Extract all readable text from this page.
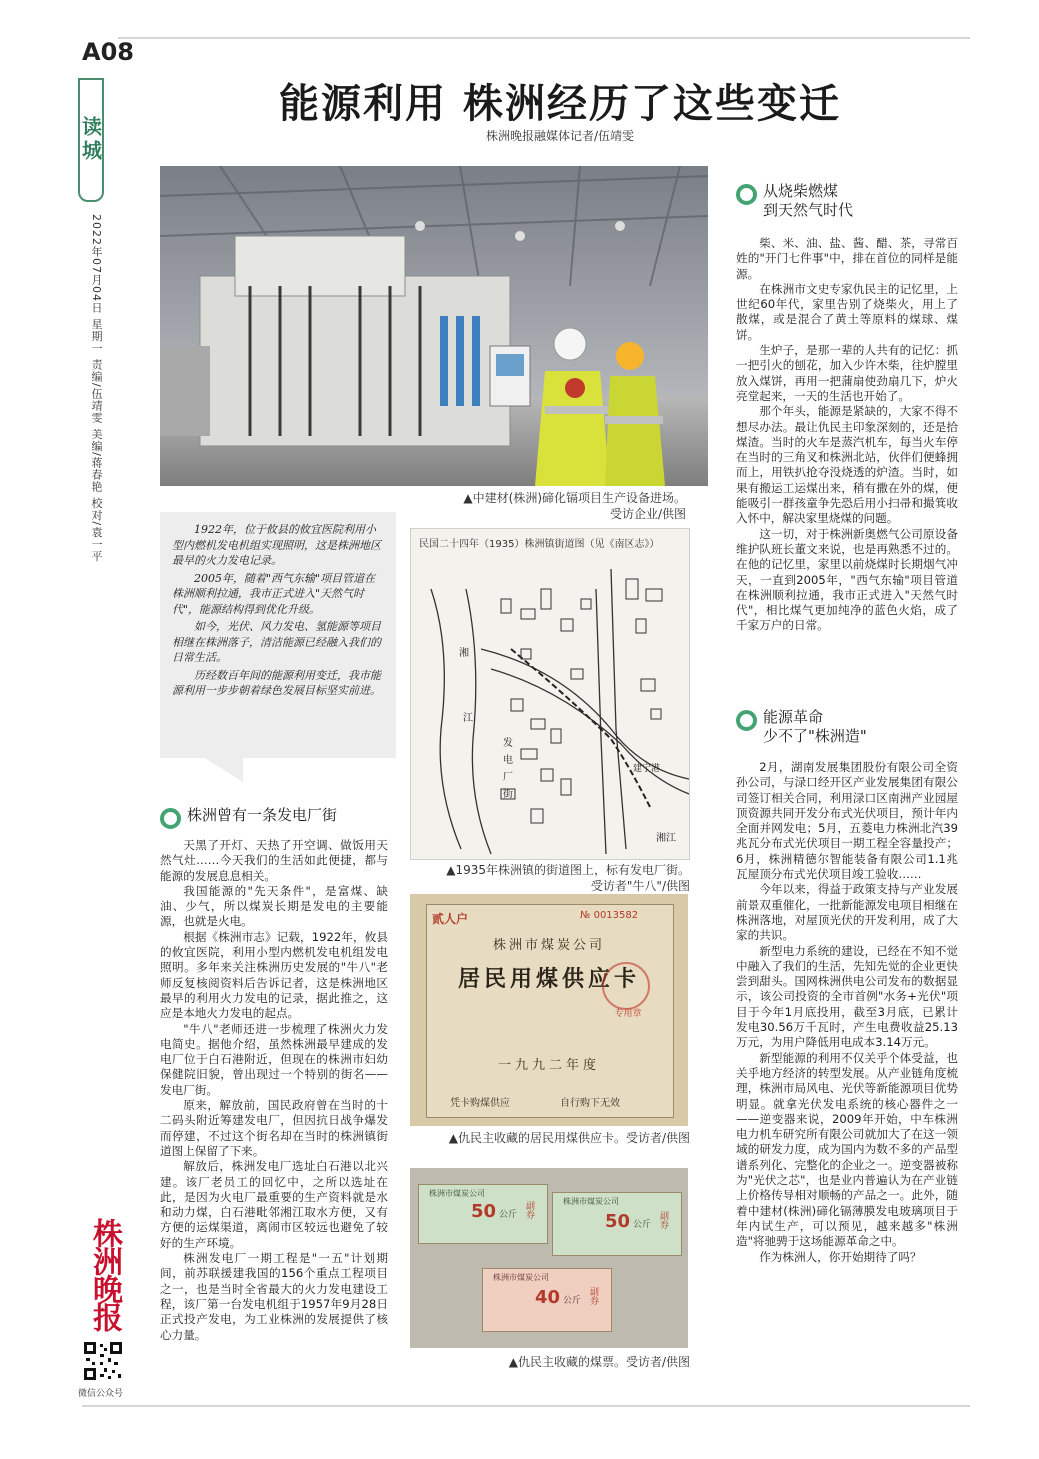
A08
读城
2022年07月04日 星期一 责编/伍靖雯 美编/蒋春艳 校对/袁一平
能源利用 株洲经历了这些变迁
株洲晚报融媒体记者/伍靖雯
▲中建材(株洲)碲化镉项目生产设备进场。
受访企业/供图

1922年，位于攸县的攸宜医院利用小型内燃机发电机组实现照明，这是株洲地区最早的火力发电记录。

2005年，随着"西气东输"项目管道在株洲顺利拉通，我市正式进入"天然气时代"，能源结构得到优化升级。

如今，光伏、风力发电、氢能源等项目相继在株洲落子，清洁能源已经融入我们的日常生活。

历经数百年间的能源利用变迁，我市能源利用一步步朝着绿色发展目标坚实前进。

民国二十四年（1935）株洲镇街道图（见《南区志》）
湘
江
发
电
厂
街
建宁港
湘江
▲1935年株洲镇的街道图上，标有发电厂街。
受访者"牛八"/供图
贰人户	№ 0013582
株洲市煤炭公司
居民用煤供应卡
专用章
一九九二年度
凭卡购煤供应	自行购下无效
▲仇民主收藏的居民用煤供应卡。受访者/供图
株洲市煤炭公司
50 公斤 副券	株洲市煤炭公司
50 公斤 副券
株洲市煤炭公司
40 公斤 副券
▲仇民主收藏的煤票。受访者/供图
株洲曾有一条发电厂街

天黑了开灯、天热了开空调、做饭用天然气灶……今天我们的生活如此便捷，都与能源的发展息息相关。

我国能源的"先天条件"，是富煤、缺油、少气，所以煤炭长期是发电的主要能源，也就是火电。

根据《株洲市志》记载，1922年，攸县的攸宜医院，利用小型内燃机发电机组发电照明。多年来关注株洲历史发展的"牛八"老师反复核阅资料后告诉记者，这是株洲地区最早的利用火力发电的记录，据此推之，这应是本地火力发电的起点。

"牛八"老师还进一步梳理了株洲火力发电简史。据他介绍，虽然株洲最早建成的发电厂位于白石港附近，但现在的株洲市妇幼保健院旧貌，曾出现过一个特别的街名——发电厂街。

原来，解放前，国民政府曾在当时的十二码头附近筹建发电厂，但因抗日战争爆发而停建，不过这个街名却在当时的株洲镇街道图上保留了下来。

解放后，株洲发电厂选址白石港以北兴建。该厂老员工的回忆中，之所以选址在此，是因为火电厂最重要的生产资料就是水和动力煤，白石港毗邻湘江取水方便，又有方便的运煤渠道，离闹市区较远也避免了较好的生产环境。

株洲发电厂一期工程是"一五"计划期间，前苏联援建我国的156个重点工程项目之一，也是当时全省最大的火力发电建设工程，该厂第一台发电机组于1957年9月28日正式投产发电，为工业株洲的发展提供了核心力量。

从烧柴燃煤
到天然气时代

柴、米、油、盐、酱、醋、茶，寻常百姓的"开门七件事"中，排在首位的同样是能源。

在株洲市文史专家仇民主的记忆里，上世纪60年代，家里告别了烧柴火，用上了散煤，或是混合了黄土等原料的煤球、煤饼。

生炉子，是那一辈的人共有的记忆：抓一把引火的刨花，加入少许木柴，往炉膛里放入煤饼，再用一把蒲扇使劲扇几下，炉火亮堂起来，一天的生活也开始了。

那个年头，能源是紧缺的，大家不得不想尽办法。最让仇民主印象深刻的，还是拾煤渣。当时的火车是蒸汽机车，每当火车停在当时的三角叉和株洲北站，伙伴们便蜂拥而上，用铁扒抢夺没烧透的炉渣。当时，如果有搬运工运煤出来，稍有撒在外的煤，便能吸引一群孩童争先恐后用小扫帚和撮箕收入怀中，解决家里烧煤的问题。

这一切，对于株洲新奥燃气公司原设备维护队班长董文来说，也是再熟悉不过的。在他的记忆里，家里以前烧煤时长期烟气冲天，一直到2005年，"西气东输"项目管道在株洲顺利拉通，我市正式进入"天然气时代"，相比煤气更加纯净的蓝色火焰，成了千家万户的日常。

能源革命
少不了"株洲造"

2月，湖南发展集团股份有限公司全资孙公司，与渌口经开区产业发展集团有限公司签订相关合同，利用渌口区南洲产业园屋顶资源共同开发分布式光伏项目，预计年内全面并网发电；5月，五菱电力株洲北汽39兆瓦分布式光伏项目一期工程全容量投产；6月，株洲精德尔智能装备有限公司1.1兆瓦屋顶分布式光伏项目竣工验收……

今年以来，得益于政策支持与产业发展前景双重催化，一批新能源发电项目相继在株洲落地，对屋顶光伏的开发利用，成了大家的共识。

新型电力系统的建设，已经在不知不觉中融入了我们的生活，先知先觉的企业更快尝到甜头。国网株洲供电公司发布的数据显示，该公司投资的全市首例"水务+光伏"项目于今年1月底投用，截至3月底，已累计发电30.56万千瓦时，产生电费收益25.13万元，为用户降低用电成本3.14万元。

新型能源的利用不仅关乎个体受益，也关乎地方经济的转型发展。从产业链角度梳理，株洲市局风电、光伏等新能源项目优势明显。就拿光伏发电系统的核心器件之一——逆变器来说，2009年开始，中车株洲电力机车研究所有限公司就加大了在这一领域的研发力度，成为国内为数不多的产品型谱系列化、完整化的企业之一。逆变器被称为"光伏之芯"，也是业内普遍认为在产业链上价格传导相对顺畅的产品之一。此外，随着中建材(株洲)碲化镉薄膜发电玻璃项目于年内试生产，可以预见，越来越多"株洲造"将驰骋于这场能源革命之中。

作为株洲人，你开始期待了吗？

株洲晚报
微信公众号
